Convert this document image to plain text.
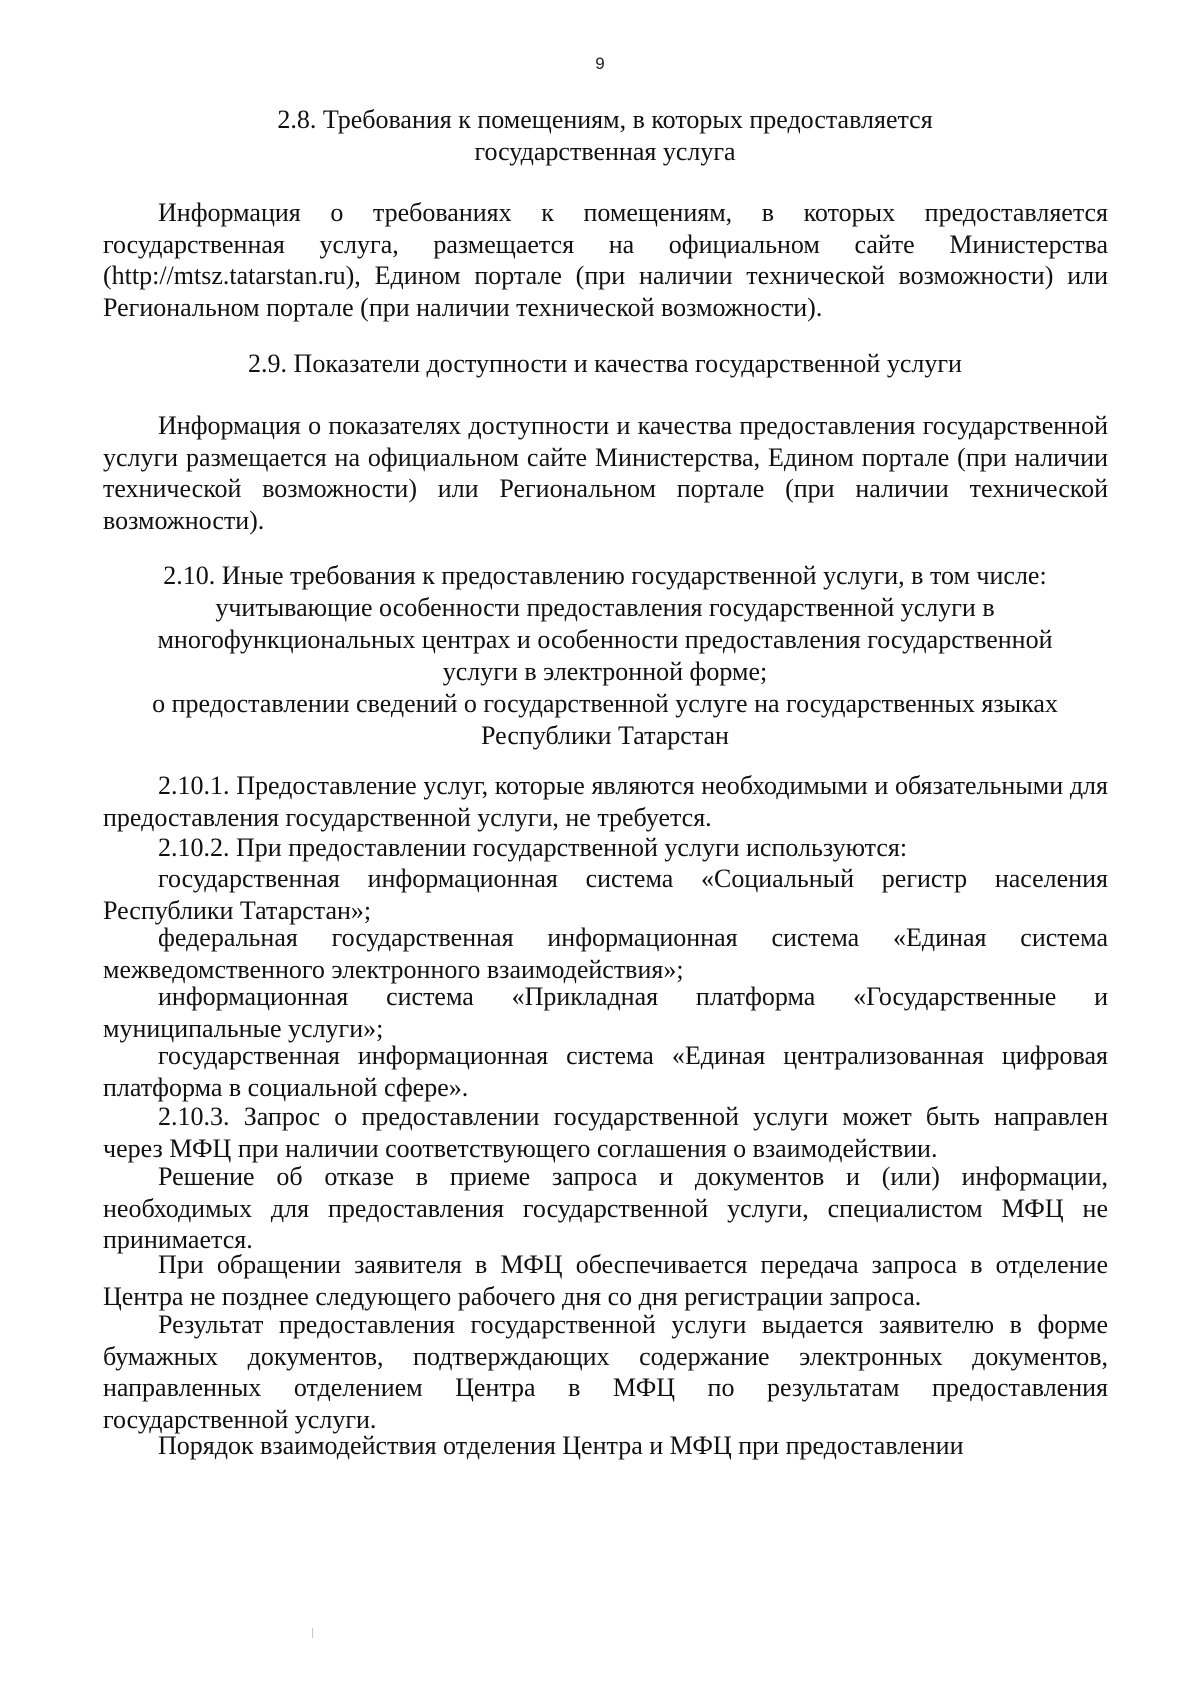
9
2.8. Требования к помещениям, в которых предоставляется
государственная услуга
Информация о требованиях к помещениям, в которых предоставляется государственная услуга, размещается на официальном сайте Министерства (http://mtsz.tatarstan.ru), Едином портале (при наличии технической возможности) или Региональном портале (при наличии технической возможности).
2.9. Показатели доступности и качества государственной услуги
Информация о показателях доступности и качества предоставления государственной услуги размещается на официальном сайте Министерства, Едином портале (при наличии технической возможности) или Региональном портале (при наличии технической возможности).
2.10. Иные требования к предоставлению государственной услуги, в том числе:
учитывающие особенности предоставления государственной услуги в
многофункциональных центрах и особенности предоставления государственной
услуги в электронной форме;
о предоставлении сведений о государственной услуге на государственных языках
Республики Татарстан
2.10.1. Предоставление услуг, которые являются необходимыми и обязательными для предоставления государственной услуги, не требуется.
2.10.2. При предоставлении государственной услуги используются:
государственная информационная система «Социальный регистр населения Республики Татарстан»;
федеральная государственная информационная система «Единая система межведомственного электронного взаимодействия»;
информационная система «Прикладная платформа «Государственные и муниципальные услуги»;
государственная информационная система «Единая централизованная цифровая платформа в социальной сфере».
2.10.3. Запрос о предоставлении государственной услуги может быть направлен через МФЦ при наличии соответствующего соглашения о взаимодействии.
Решение об отказе в приеме запроса и документов и (или) информации, необходимых для предоставления государственной услуги, специалистом МФЦ не принимается.
При обращении заявителя в МФЦ обеспечивается передача запроса в отделение Центра не позднее следующего рабочего дня со дня регистрации запроса.
Результат предоставления государственной услуги выдается заявителю в форме бумажных документов, подтверждающих содержание электронных документов, направленных отделением Центра в МФЦ по результатам предоставления государственной услуги.
Порядок взаимодействия отделения Центра и МФЦ при предоставлении
